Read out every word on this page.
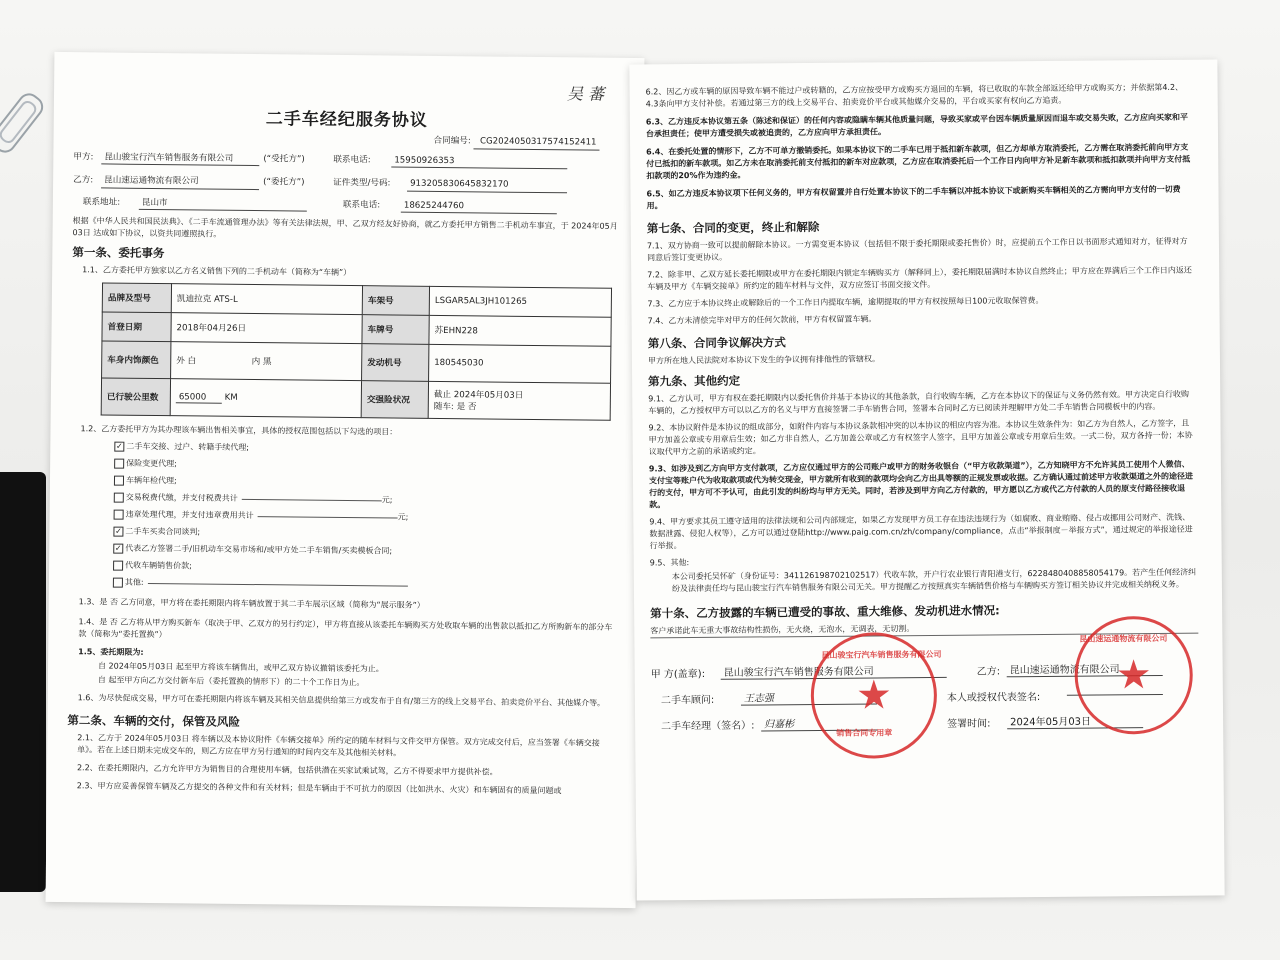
吴 蕃
二手车经纪服务协议
合同编号: CG2024050317574152411
甲方:	昆山骏宝行汽车销售服务有限公司	(“受托方”)	联系电话:	15950926353
乙方:	昆山速运通物流有限公司	(“委托方”)	证件类型/号码:	913205830645832170
联系地址:	昆山市	联系电话:	18625244760
根据《中华人民共和国民法典》、《二手车流通管理办法》等有关法律法规，甲、乙双方经友好协商，就乙方委托甲方销售二手机动车事宜，于 2024年05月03日 达成如下协议，以资共同遵照执行。
第一条、委托事务
1.1、乙方委托甲方独家以乙方名义销售下列的二手机动车（简称为“车辆”）
品牌及型号	凯迪拉克 ATS-L	车架号	LSGAR5AL3JH101265
首登日期	2018年04月26日	车牌号	苏EHN228
车身内饰颜色	外 白 内 黑	发动机号	180545030
已行驶公里数	65000 KM	交强险状况	截止 2024年05月03日
随车: 是 否
1.2、乙方委托甲方为其办理该车辆出售相关事宜，具体的授权范围包括以下勾选的项目：
✓ 二手车交接、过户、转籍手续代理;
保险变更代理;
车辆年检代理;
交易税费代缴，并支付税费共计	元;
违章处理代理，并支付违章费用共计	元;
✓ 二手车买卖合同谈判;
✓ 代表乙方签署二手/旧机动车交易市场和/或甲方处二手车销售/买卖模板合同;
代收车辆销售价款;
其他:
1.3、是 否 乙方同意，甲方将在委托期限内将车辆放置于其二手车展示区域（简称为“展示服务”）
1.4、是 否 乙方将从甲方购买新车（取决于甲、乙双方的另行约定），甲方将直接从该委托车辆购买方处收取车辆的出售款以抵扣乙方所购新车的部分车款（简称为“委托置换”）
1.5、委托期限为:
自 2024年05月03日 起至甲方将该车辆售出，或甲乙双方协议撤销该委托为止。
自 起至甲方向乙方交付新车后（委托置换的情形下）的二十个工作日为止。
1.6、为尽快促成交易，甲方可在委托期限内将该车辆及其相关信息提供给第三方或发布于自有/第三方的线上交易平台、拍卖竞价平台、其他媒介等。
第二条、车辆的交付，保管及风险
2.1、乙方于 2024年05月03日 将车辆以及本协议附件《车辆交接单》所约定的随车材料与文件交甲方保管。双方完成交付后，应当签署《车辆交接单》。若在上述日期未完成交车的，则乙方应在甲方另行通知的时间内交车及其他相关材料。
2.2、在委托期限内，乙方允许甲方为销售目的合理使用车辆，包括供潜在买家试乘试驾，乙方不得要求甲方提供补偿。
2.3、甲方应妥善保管车辆及乙方提交的各种文件和有关材料；但是车辆由于不可抗力的原因（比如洪水、火灾）和车辆固有的质量问题或
6.2、因乙方或车辆的原因导致车辆不能过户或转籍的，乙方应按受甲方或购买方退回的车辆，将已收取的车款全部返还给甲方或购买方；并依据第4.2、4.3条向甲方支付补偿。若通过第三方的线上交易平台、拍卖竞价平台或其他媒介交易的，平台或买家有权向乙方追责。
6.3、乙方违反本协议第五条（陈述和保证）的任何内容或隐瞒车辆其他质量问题，导致买家或平台因车辆质量原因而退车或交易失败，乙方应向买家和平台承担责任；使甲方遭受损失或被追责的，乙方应向甲方承担责任。
6.4、在委托处置的情形下，乙方不可单方撤销委托。如果本协议下的二手车已用于抵扣新车款项，但乙方却单方取消委托，乙方需在取消委托前向甲方支付已抵扣的新车款项。如乙方未在取消委托前支付抵扣的新车对应款项，乙方应在取消委托后一个工作日内向甲方补足新车款项和抵扣款项并向甲方支付抵扣款项的20%作为违约金。
6.5、如乙方违反本协议项下任何义务的，甲方有权留置并自行处置本协议下的二手车辆以冲抵本协议下或新购买车辆相关的乙方需向甲方支付的一切费用。
第七条、合同的变更，终止和解除
7.1、双方协商一致可以提前解除本协议。一方需变更本协议（包括但不限于委托期限或委托售价）时，应提前五个工作日以书面形式通知对方，征得对方同意后签订变更协议。
7.2、除非甲、乙双方延长委托期限或甲方在委托期限内锁定车辆购买方（解释同上），委托期限届满时本协议自然终止；甲方应在界满后三个工作日内返还车辆及甲方《车辆交接单》所约定的随车材料与文件，双方应签订书面交接文件。
7.3、乙方应于本协议终止或解除后的一个工作日内提取车辆，逾期提取的甲方有权按照每日100元收取保管费。
7.4、乙方未清偿完毕对甲方的任何欠款前，甲方有权留置车辆。
第八条、合同争议解决方式
甲方所在地人民法院对本协议下发生的争议拥有排他性的管辖权。
第九条、其他约定
9.1、乙方认可，甲方有权在委托期限内以委托售价并基于本协议的其他条款，自行收购车辆，乙方在本协议下的保证与义务仍然有效。甲方决定自行收购车辆的，乙方授权甲方可以以乙方的名义与甲方直接签署二手车销售合同，签署本合同时乙方已阅读并理解甲方处二手车销售合同模板中的内容。
9.2、本协议附件是本协议的组成部分，如附件内容与本协议条款相冲突的以本协议的相应内容为准。本协议生效条件为：如乙方为自然人，乙方签字，且甲方加盖公章或专用章后生效；如乙方非自然人，乙方加盖公章或乙方有权签字人签字，且甲方加盖公章或专用章后生效。一式二份，双方各持一份；本协议取代甲方之前的承诺或约定。
9.3、如涉及到乙方向甲方支付款项，乙方应仅通过甲方的公司账户或甲方的财务收银台（“甲方收款渠道”），乙方知晓甲方不允许其员工使用个人微信、支付宝等账户代为收取款项或代为转交现金，甲方就所有收到的款项均会向乙方出具等额的正规发票或收据。乙方确认通过前述甲方收款渠道之外的途径进行的支付，甲方可不予认可，由此引发的纠纷均与甲方无关。同时，若涉及到甲方向乙方付款的，甲方愿以乙方或代乙方付款的人员的原支付路径接收退款。
9.4、甲方要求其员工遵守适用的法律法规和公司内部规定，如果乙方发现甲方员工存在违法违规行为（如腐败、商业贿赂、侵占或挪用公司财产、洗钱、数据泄露、侵犯人权等），乙方可以通过登陆http://www.paig.com.cn/zh/company/compliance，点击“举报制度－举报方式”，通过规定的举报途径进行举报。
9.5、其他:
本公司委托吴怀矿（身份证号：341126198702102517）代收车款，开户行农业银行青阳港支行，6228480408858054179。若产生任何经济纠纷及法律责任均与昆山骏宝行汽车销售服务有限公司无关。甲方提醒乙方按照真实车辆销售价格与车辆购买方签订相关协议并完成相关纳税义务。
第十条、乙方披露的车辆已遭受的事故、重大维修、发动机进水情况:
客户承诺此车无重大事故结构性损伤，无火烧，无泡水，无调表，无切割。
甲 方(盖章):	昆山骏宝行汽车销售服务有限公司	乙方: 昆山速运通物流有限公司
二手车顾问:	王志强	本人或授权代表签名:
二手车经理（签名）: 归嘉彬	签署时间:	2024年05月03日
★
昆山骏宝行汽车销售服务有限公司
销售合同专用章
★
昆山速运通物流有限公司
